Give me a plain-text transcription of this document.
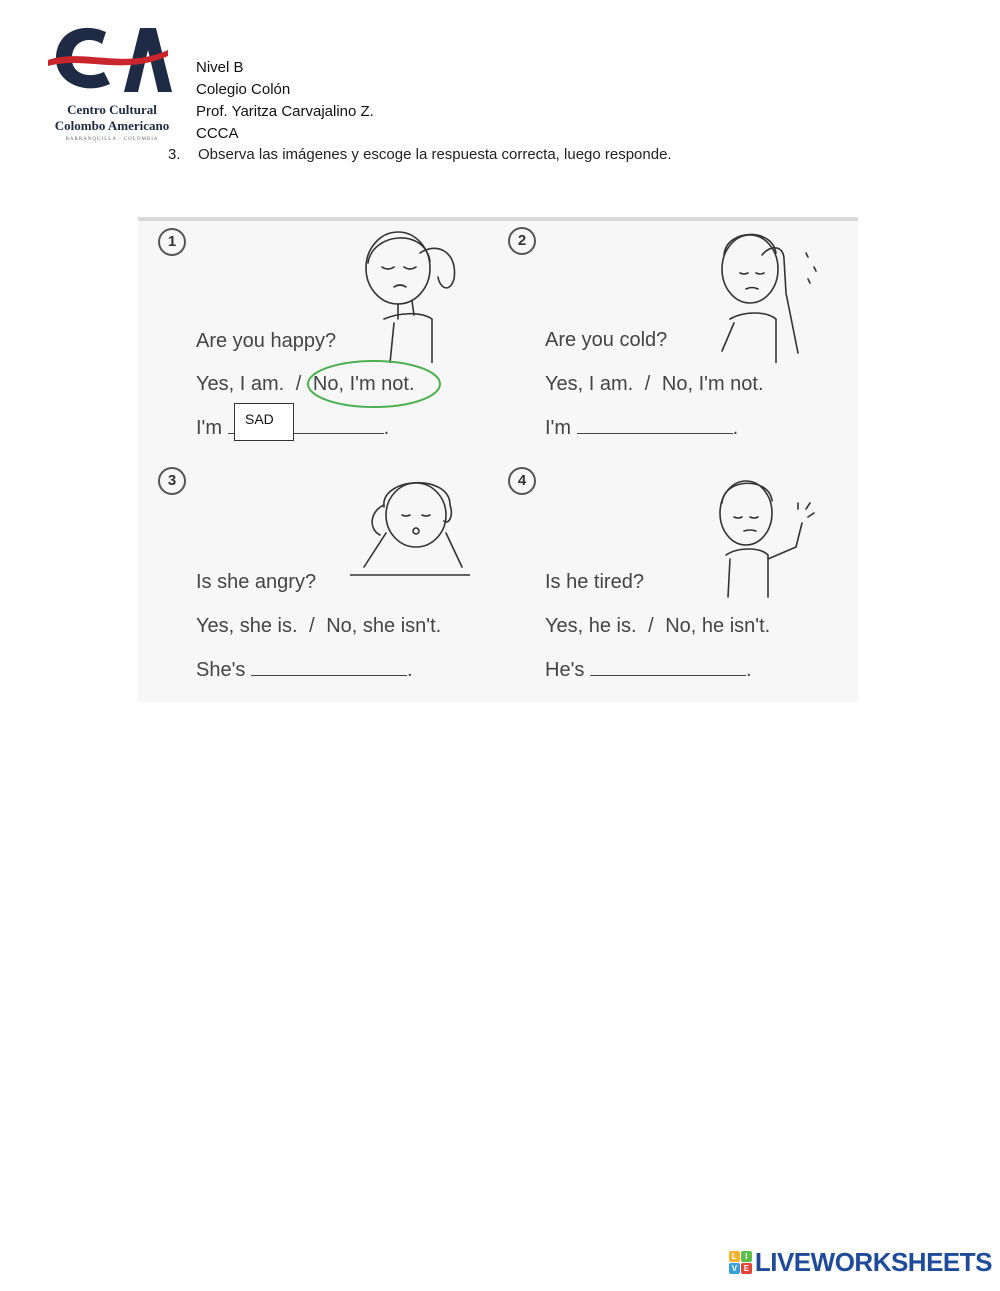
Centro Cultural
Colombo Americano
BARRANQUILLA · COLOMBIA
Nivel B
Colegio Colón
Prof. Yaritza Carvajalino Z.
CCCA
3. Observa las imágenes y escoge la respuesta correcta, luego responde.
1
Are you happy?
Yes, I am. / No, I'm not.
I'm	.
SAD
2
Are you cold?
Yes, I am. / No, I'm not.
I'm	.
3
Is she angry?
Yes, she is. / No, she isn't.
She's	.
4
Is he tired?
Yes, he is. / No, he isn't.
He's	.
L	I
V E LIVEWORKSHEETS
